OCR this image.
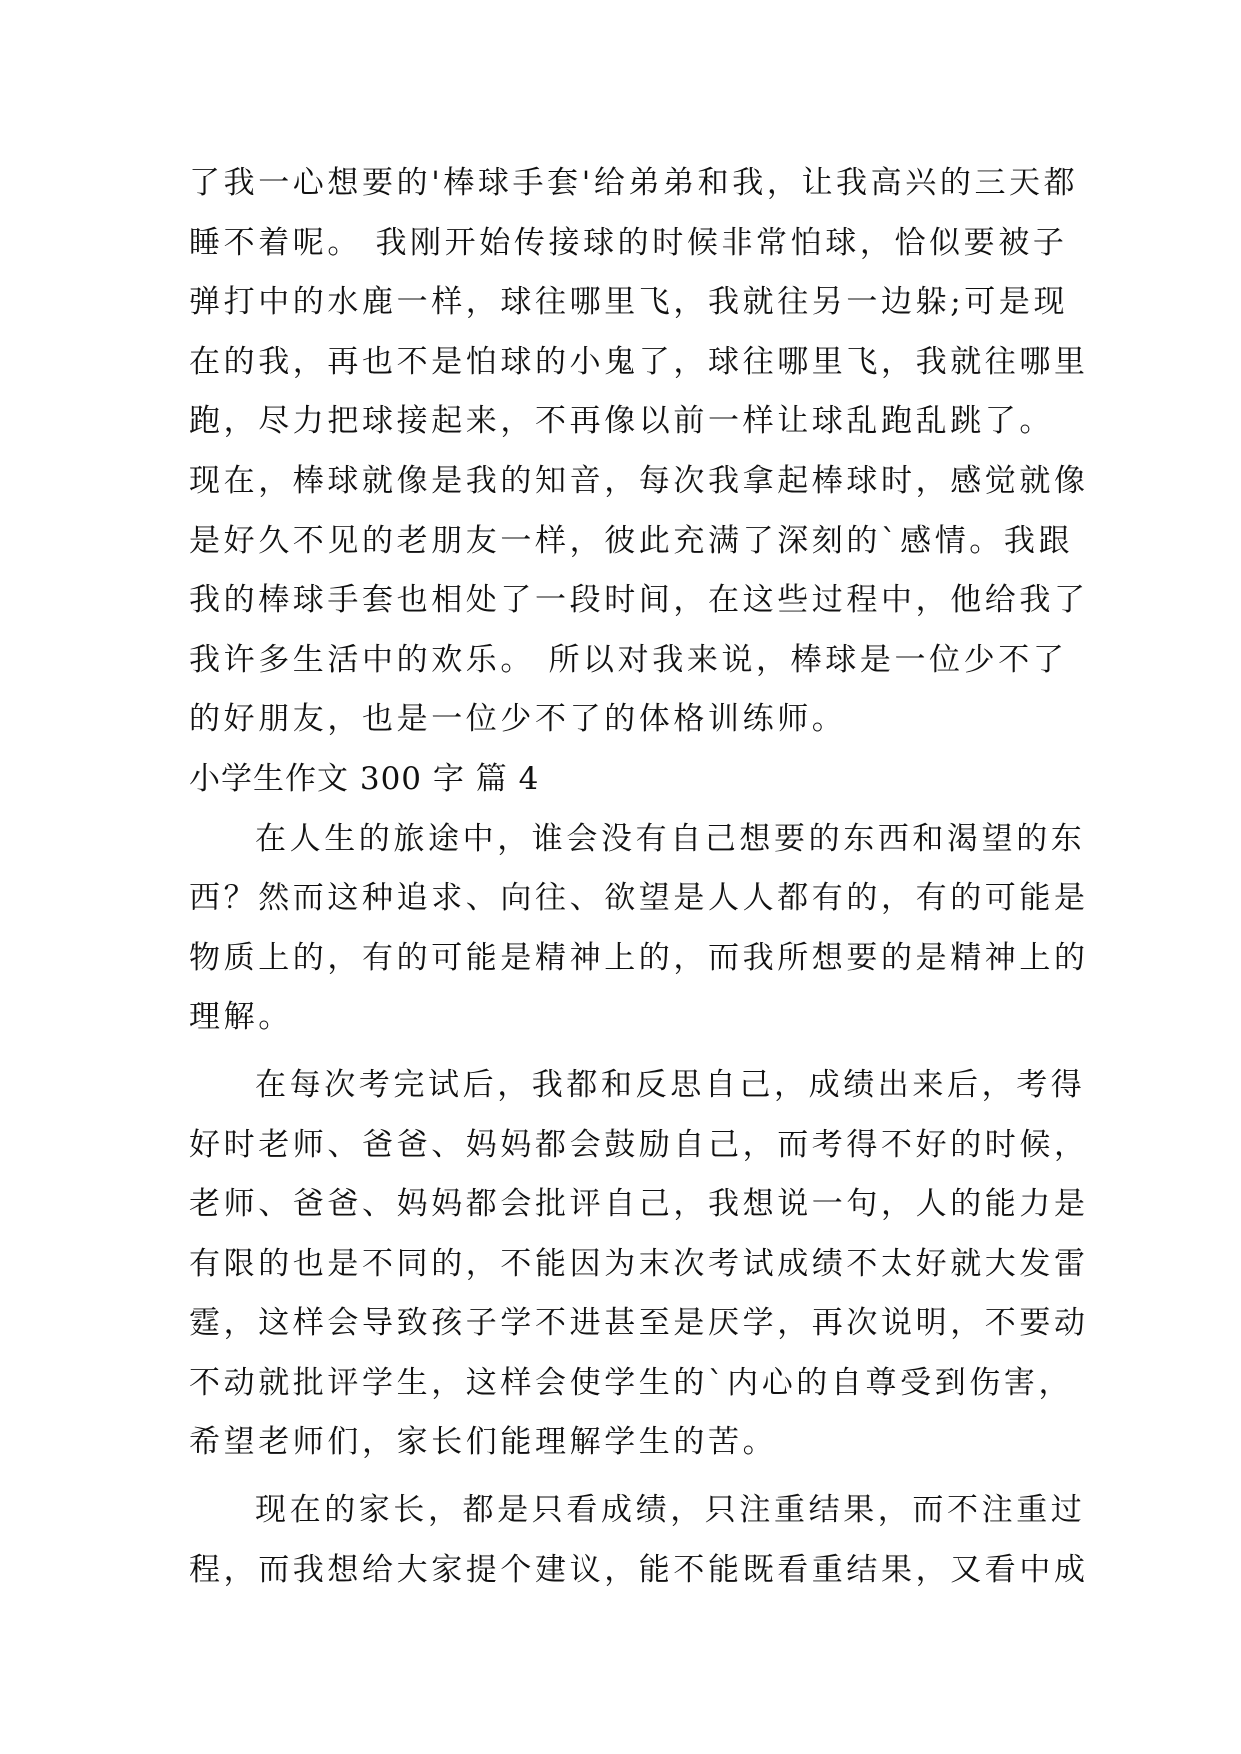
了我一心想要的'棒球手套'给弟弟和我，让我高兴的三天都
睡不着呢。 我刚开始传接球的时候非常怕球，恰似要被子
弹打中的水鹿一样，球往哪里飞，我就往另一边躲;可是现
在的我，再也不是怕球的小鬼了，球往哪里飞，我就往哪里
跑，尽力把球接起来，不再像以前一样让球乱跑乱跳了。
现在，棒球就像是我的知音，每次我拿起棒球时，感觉就像
是好久不见的老朋友一样，彼此充满了深刻的`感情。我跟
我的棒球手套也相处了一段时间，在这些过程中，他给我了
我许多生活中的欢乐。 所以对我来说，棒球是一位少不了
的好朋友，也是一位少不了的体格训练师。
小学生作文 300 字 篇 4
在人生的旅途中，谁会没有自己想要的东西和渴望的东
西？然而这种追求、向往、欲望是人人都有的，有的可能是
物质上的，有的可能是精神上的，而我所想要的是精神上的
理解。
在每次考完试后，我都和反思自己，成绩出来后，考得
好时老师、爸爸、妈妈都会鼓励自己，而考得不好的时候，
老师、爸爸、妈妈都会批评自己，我想说一句，人的能力是
有限的也是不同的，不能因为末次考试成绩不太好就大发雷
霆，这样会导致孩子学不进甚至是厌学，再次说明，不要动
不动就批评学生，这样会使学生的`内心的自尊受到伤害，
希望老师们，家长们能理解学生的苦。
现在的家长，都是只看成绩，只注重结果，而不注重过
程，而我想给大家提个建议，能不能既看重结果，又看中成
